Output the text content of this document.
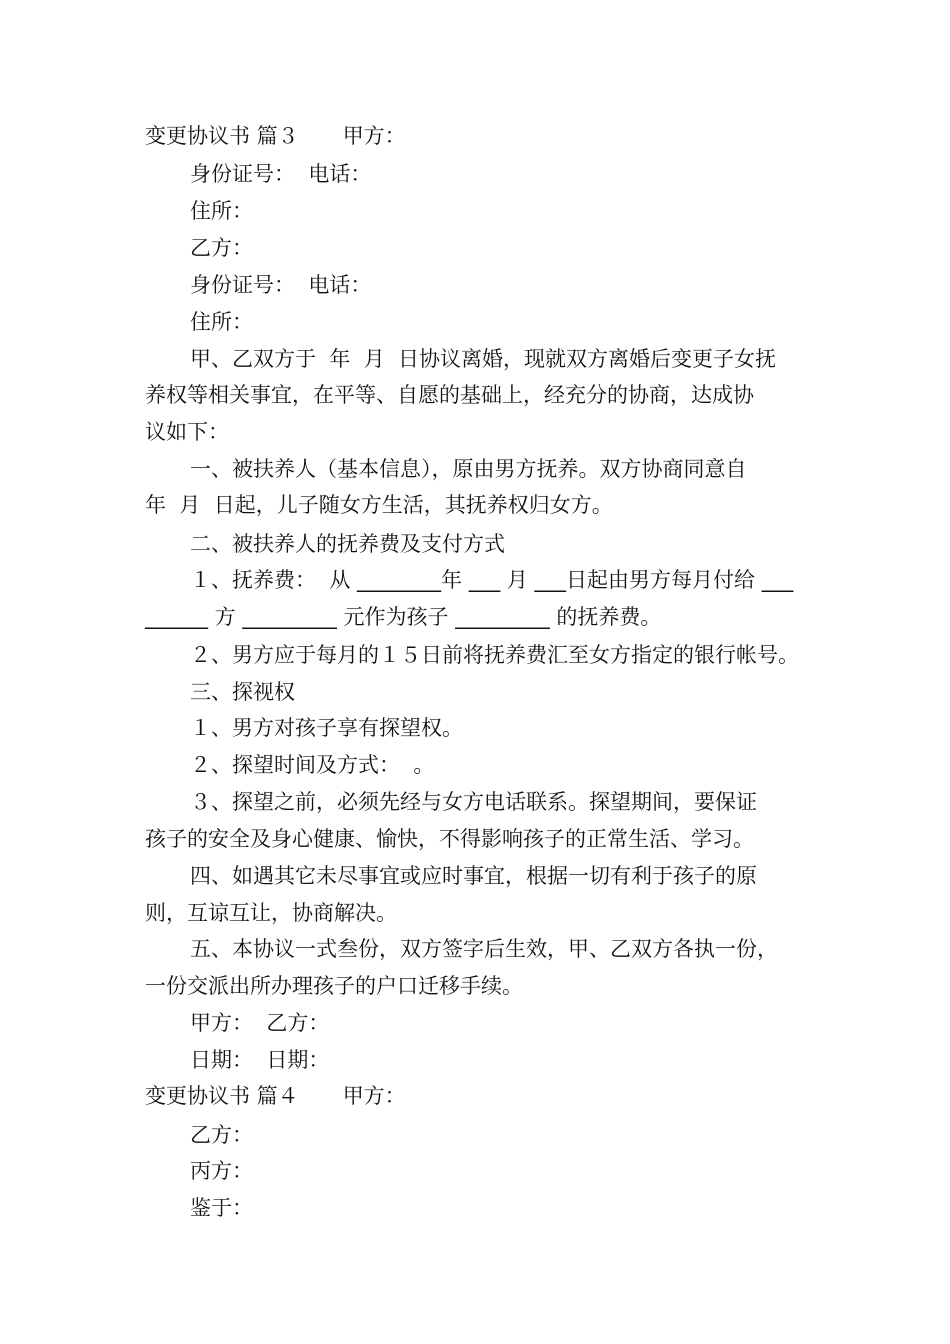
变更协议书 篇３ 甲方：
身份证号：  电话：
住所：
乙方：
身份证号：  电话：
住所：
甲、乙双方于  年  月  日协议离婚，现就双方离婚后变更子女抚
养权等相关事宜，在平等、自愿的基础上，经充分的协商，达成协
议如下：
一、被扶养人（基本信息），原由男方抚养。双方协商同意自
年  月  日起，儿子随女方生活，其抚养权归女方。
二、被扶养人的抚养费及支付方式
１、抚养费：  从 ________年 ___ 月 ___日起由男方每月付给 ___
______ 方 _________ 元作为孩子 _________ 的抚养费。
２、男方应于每月的１５日前将抚养费汇至女方指定的银行帐号。
三、探视权
１、男方对孩子享有探望权。
２、探望时间及方式：  。
３、探望之前，必须先经与女方电话联系。探望期间，要保证
孩子的安全及身心健康、愉快，不得影响孩子的正常生活、学习。
四、如遇其它未尽事宜或应时事宜，根据一切有利于孩子的原
则，互谅互让，协商解决。
五、本协议一式叁份，双方签字后生效，甲、乙双方各执一份，
一份交派出所办理孩子的户口迁移手续。
甲方：  乙方：
日期：  日期：
变更协议书 篇４ 甲方：
乙方：
丙方：
鉴于：
